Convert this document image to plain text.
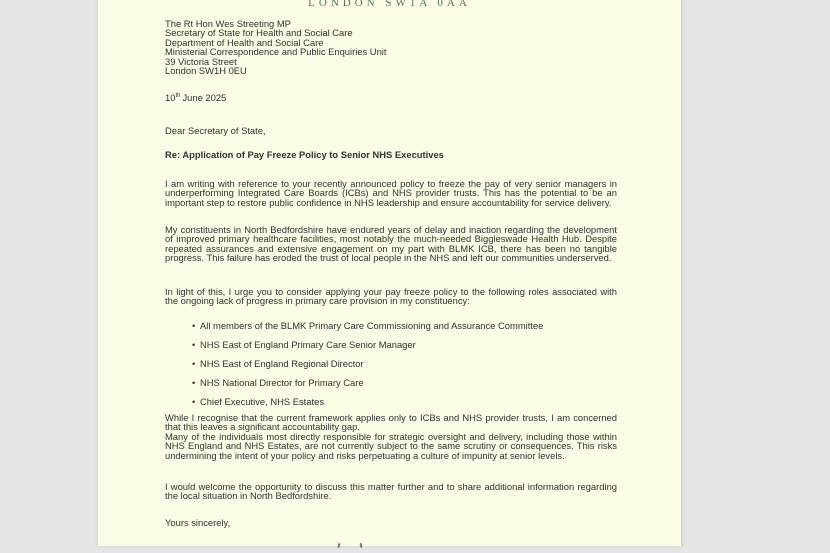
LONDON SW1A 0AA
The Rt Hon Wes Streeting MP
Secretary of State for Health and Social Care
Department of Health and Social Care
Ministerial Correspondence and Public Enquiries Unit
39 Victoria Street
London SW1H 0EU
10th June 2025
Dear Secretary of State,
Re: Application of Pay Freeze Policy to Senior NHS Executives
I am writing with reference to your recently announced policy to freeze the pay of very senior managers in underperforming Integrated Care Boards (ICBs) and NHS provider trusts. This has the potential to be an important step to restore public confidence in NHS leadership and ensure accountability for service delivery.
My constituents in North Bedfordshire have endured years of delay and inaction regarding the development of improved primary healthcare facilities, most notably the much-needed Biggleswade Health Hub. Despite repeated assurances and extensive engagement on my part with BLMK ICB, there has been no tangible progress. This failure has eroded the trust of local people in the NHS and left our communities underserved.
In light of this, I urge you to consider applying your pay freeze policy to the following roles associated with the ongoing lack of progress in primary care provision in my constituency:
• All members of the BLMK Primary Care Commissioning and Assurance Committee
• NHS East of England Primary Care Senior Manager
• NHS East of England Regional Director
• NHS National Director for Primary Care
• Chief Executive, NHS Estates
While I recognise that the current framework applies only to ICBs and NHS provider trusts, I am concerned that this leaves a significant accountability gap.
Many of the individuals most directly responsible for strategic oversight and delivery, including those within NHS England and NHS Estates, are not currently subject to the same scrutiny or consequences. This risks undermining the intent of your policy and risks perpetuating a culture of impunity at senior levels.
I would welcome the opportunity to discuss this matter further and to share additional information regarding the local situation in North Bedfordshire.
Yours sincerely,
